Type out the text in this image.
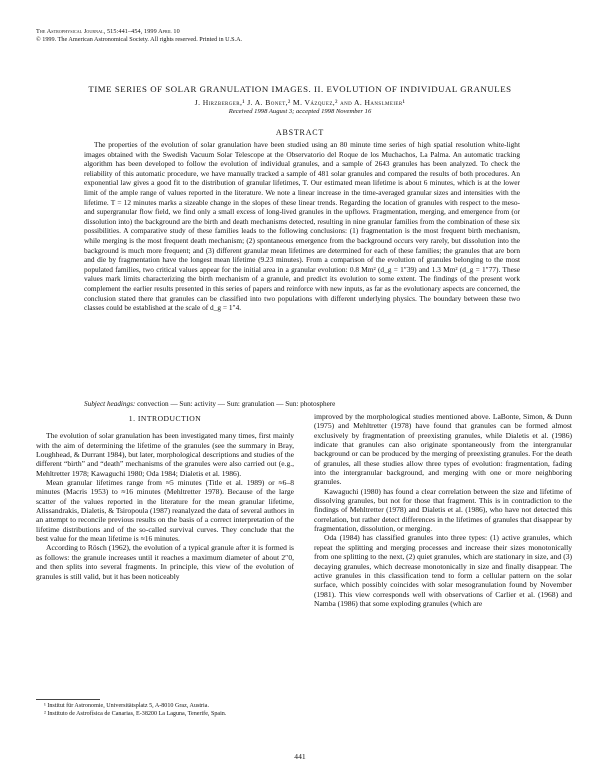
The Astrophysical Journal, 515:441–454, 1999 April 10
© 1999. The American Astronomical Society. All rights reserved. Printed in U.S.A.
TIME SERIES OF SOLAR GRANULATION IMAGES. II. EVOLUTION OF INDIVIDUAL GRANULES
J. Hirzberger,¹ J. A. Bonet,² M. Vázquez,² and A. Hanslmeier¹
Received 1998 August 3; accepted 1998 November 16
ABSTRACT
The properties of the evolution of solar granulation have been studied using an 80 minute time series of high spatial resolution white-light images obtained with the Swedish Vacuum Solar Telescope at the Observatorio del Roque de los Muchachos, La Palma. An automatic tracking algorithm has been developed to follow the evolution of individual granules, and a sample of 2643 granules has been analyzed. To check the reliability of this automatic procedure, we have manually tracked a sample of 481 solar granules and compared the results of both procedures. An exponential law gives a good fit to the distribution of granular lifetimes, T. Our estimated mean lifetime is about 6 minutes, which is at the lower limit of the ample range of values reported in the literature. We note a linear increase in the time-averaged granular sizes and intensities with the lifetime. T = 12 minutes marks a sizeable change in the slopes of these linear trends. Regarding the location of granules with respect to the meso- and supergranular flow field, we find only a small excess of long-lived granules in the upflows. Fragmentation, merging, and emergence from (or dissolution into) the background are the birth and death mechanisms detected, resulting in nine granular families from the combination of these six possibilities. A comparative study of these families leads to the following conclusions: (1) fragmentation is the most frequent birth mechanism, while merging is the most frequent death mechanism; (2) spontaneous emergence from the background occurs very rarely, but dissolution into the background is much more frequent; and (3) different granular mean lifetimes are determined for each of these families; the granules that are born and die by fragmentation have the longest mean lifetime (9.23 minutes). From a comparison of the evolution of granules belonging to the most populated families, two critical values appear for the initial area in a granular evolution: 0.8 Mm² (d_g = 1″39) and 1.3 Mm² (d_g = 1″77). These values mark limits characterizing the birth mechanism of a granule, and predict its evolution to some extent. The findings of the present work complement the earlier results presented in this series of papers and reinforce with new inputs, as far as the evolutionary aspects are concerned, the conclusion stated there that granules can be classified into two populations with different underlying physics. The boundary between these two classes could be established at the scale of d_g = 1″4.
Subject headings: convection — Sun: activity — Sun: granulation — Sun: photosphere
1. INTRODUCTION

The evolution of solar granulation has been investigated many times, first mainly with the aim of determining the lifetime of the granules (see the summary in Bray, Loughhead, & Durrant 1984), but later, morphological descriptions and studies of the different “birth” and “death” mechanisms of the granules were also carried out (e.g., Mehltretter 1978; Kawaguchi 1980; Oda 1984; Dialetis et al. 1986).

Mean granular lifetimes range from ≈5 minutes (Title et al. 1989) or ≈6–8 minutes (Macris 1953) to ≈16 minutes (Mehltretter 1978). Because of the large scatter of the values reported in the literature for the mean granular lifetime, Alissandrakis, Dialetis, & Tsiropoula (1987) reanalyzed the data of several authors in an attempt to reconcile previous results on the basis of a correct interpretation of the lifetime distributions and of the so-called survival curves. They conclude that the best value for the mean lifetime is ≈16 minutes.

According to Rösch (1962), the evolution of a typical granule after it is formed is as follows: the granule increases until it reaches a maximum diameter of about 2″0, and then splits into several fragments. In principle, this view of the evolution of granules is still valid, but it has been noticeably

improved by the morphological studies mentioned above. LaBonte, Simon, & Dunn (1975) and Mehltretter (1978) have found that granules can be formed almost exclusively by fragmentation of preexisting granules, while Dialetis et al. (1986) indicate that granules can also originate spontaneously from the intergranular background or can be produced by the merging of preexisting granules. For the death of granules, all these studies allow three types of evolution: fragmentation, fading into the intergranular background, and merging with one or more neighboring granules.

Kawaguchi (1980) has found a clear correlation between the size and lifetime of dissolving granules, but not for those that fragment. This is in contradiction to the findings of Mehltretter (1978) and Dialetis et al. (1986), who have not detected this correlation, but rather detect differences in the lifetimes of granules that disappear by fragmentation, dissolution, or merging.

Oda (1984) has classified granules into three types: (1) active granules, which repeat the splitting and merging processes and increase their sizes monotonically from one splitting to the next, (2) quiet granules, which are stationary in size, and (3) decaying granules, which decrease monotonically in size and finally disappear. The active granules in this classification tend to form a cellular pattern on the solar surface, which possibly coincides with solar mesogranulation found by November (1981). This view corresponds well with observations of Carlier et al. (1968) and Namba (1986) that some exploding granules (which are

¹ Institut für Astronomie, Universitätsplatz 5, A-8010 Graz, Austria.
² Instituto de Astrofísica de Canarias, E-38200 La Laguna, Tenerife, Spain.
441
